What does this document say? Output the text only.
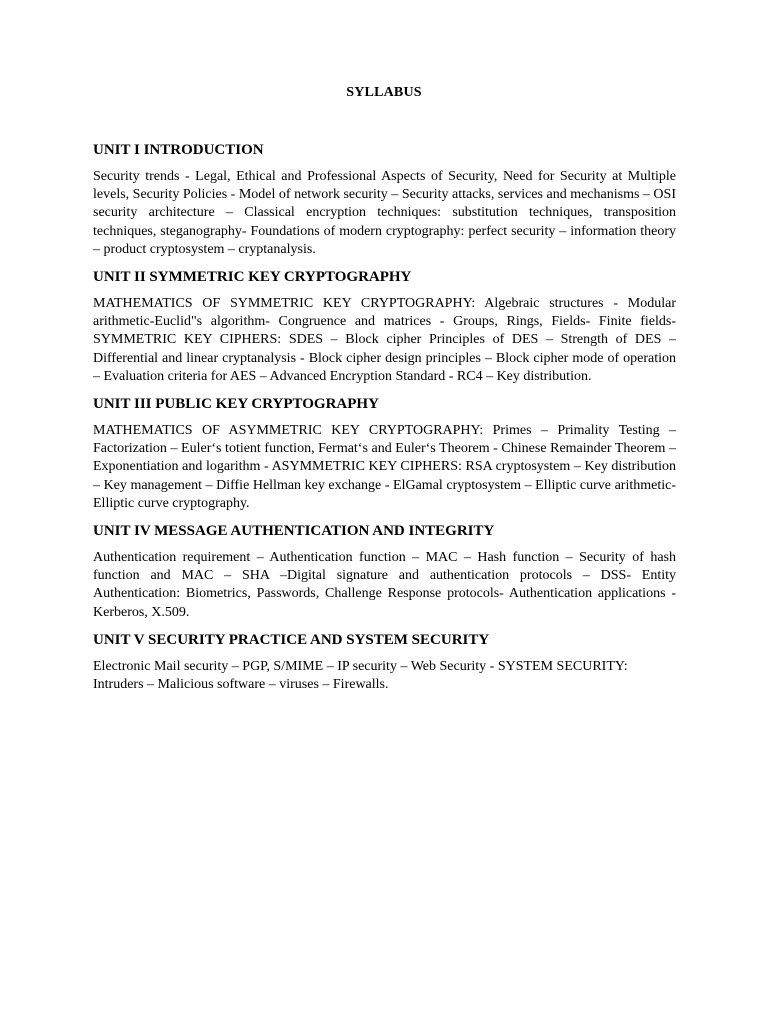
SYLLABUS
UNIT I INTRODUCTION

Security trends - Legal, Ethical and Professional Aspects of Security, Need for Security at Multiple levels, Security Policies - Model of network security – Security attacks, services and mechanisms – OSI security architecture – Classical encryption techniques: substitution techniques, transposition techniques, steganography- Foundations of modern cryptography: perfect security – information theory – product cryptosystem – cryptanalysis.

UNIT II SYMMETRIC KEY CRYPTOGRAPHY

MATHEMATICS OF SYMMETRIC KEY CRYPTOGRAPHY: Algebraic structures - Modular arithmetic-Euclid"s algorithm- Congruence and matrices - Groups, Rings, Fields- Finite fields- SYMMETRIC KEY CIPHERS: SDES – Block cipher Principles of DES – Strength of DES – Differential and linear cryptanalysis - Block cipher design principles – Block cipher mode of operation – Evaluation criteria for AES – Advanced Encryption Standard - RC4 – Key distribution.

UNIT III PUBLIC KEY CRYPTOGRAPHY

MATHEMATICS OF ASYMMETRIC KEY CRYPTOGRAPHY: Primes – Primality Testing – Factorization – Euler‘s totient function, Fermat‘s and Euler‘s Theorem - Chinese Remainder Theorem – Exponentiation and logarithm - ASYMMETRIC KEY CIPHERS: RSA cryptosystem – Key distribution – Key management – Diffie Hellman key exchange - ElGamal cryptosystem – Elliptic curve arithmetic-Elliptic curve cryptography.

UNIT IV MESSAGE AUTHENTICATION AND INTEGRITY

Authentication requirement – Authentication function – MAC – Hash function – Security of hash function and MAC – SHA –Digital signature and authentication protocols – DSS- Entity Authentication: Biometrics, Passwords, Challenge Response protocols- Authentication applications - Kerberos, X.509.

UNIT V SECURITY PRACTICE AND SYSTEM SECURITY

Electronic Mail security – PGP, S/MIME – IP security – Web Security - SYSTEM SECURITY: Intruders – Malicious software – viruses – Firewalls.
